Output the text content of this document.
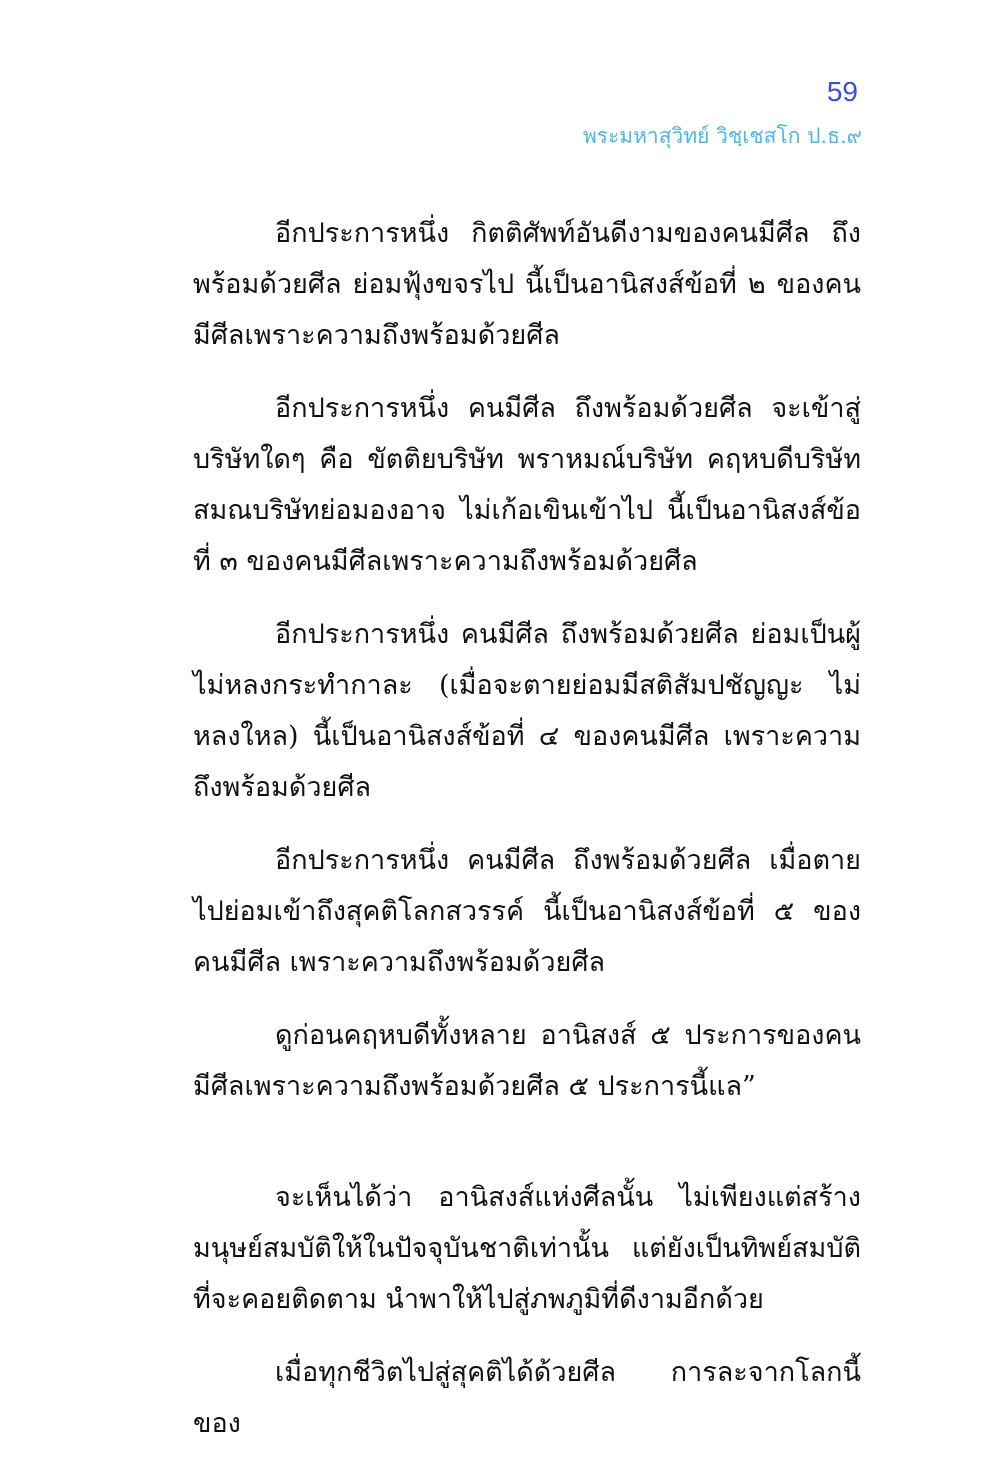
59
พระมหาสุวิทย์ วิชฺเชสโก ป.ธ.๙

อีกประการหนึ่ง กิตติศัพท์อันดีงามของคนมีศีล ถึงพร้อมด้วยศีล ย่อมฟุ้งขจรไป นี้เป็นอานิสงส์ข้อที่ ๒ ของคนมีศีลเพราะความถึงพร้อมด้วยศีล

อีกประการหนึ่ง คนมีศีล ถึงพร้อมด้วยศีล จะเข้าสู่บริษัทใดๆ คือ ขัตติยบริษัท พราหมณ์บริษัท คฤหบดีบริษัท สมณบริษัทย่อมองอาจ ไม่เก้อเขินเข้าไป นี้เป็นอานิสงส์ข้อที่ ๓ ของคนมีศีลเพราะความถึงพร้อมด้วยศีล

อีกประการหนึ่ง คนมีศีล ถึงพร้อมด้วยศีล ย่อมเป็นผู้ไม่หลงกระทำกาละ (เมื่อจะตายย่อมมีสติสัมปชัญญะ ไม่หลงใหล) นี้เป็นอานิสงส์ข้อที่ ๔ ของคนมีศีล เพราะความถึงพร้อมด้วยศีล

อีกประการหนึ่ง คนมีศีล ถึงพร้อมด้วยศีล เมื่อตายไปย่อมเข้าถึงสุคติโลกสวรรค์ นี้เป็นอานิสงส์ข้อที่ ๕ ของคนมีศีล เพราะความถึงพร้อมด้วยศีล

ดูก่อนคฤหบดีทั้งหลาย อานิสงส์ ๕ ประการของคนมีศีลเพราะความถึงพร้อมด้วยศีล ๕ ประการนี้แล”

จะเห็นได้ว่า อานิสงส์แห่งศีลนั้น ไม่เพียงแต่สร้างมนุษย์สมบัติให้ในปัจจุบันชาติเท่านั้น แต่ยังเป็นทิพย์สมบัติที่จะคอยติดตาม นำพาให้ไปสู่ภพภูมิที่ดีงามอีกด้วย

เมื่อทุกชีวิตไปสู่สุคติได้ด้วยศีล การละจากโลกนี้ของ
